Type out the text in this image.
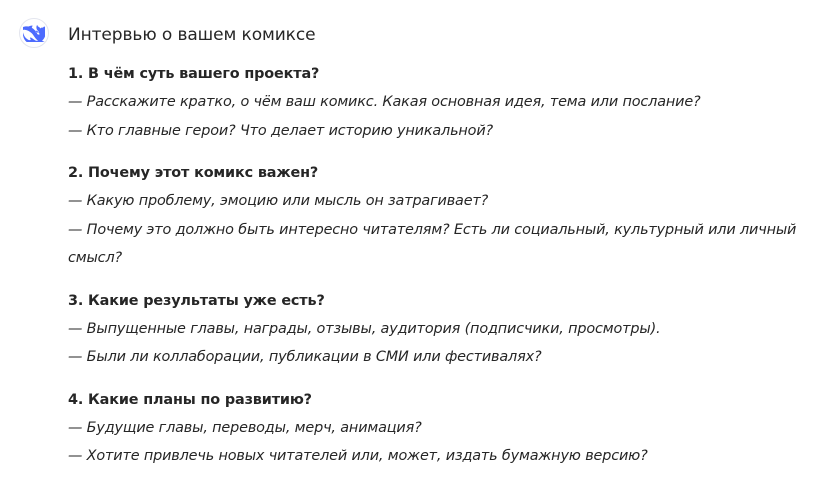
Интервью о вашем комиксе
1. В чём суть вашего проекта?
— Расскажите кратко, о чём ваш комикс. Какая основная идея, тема или послание?
— Кто главные герои? Что делает историю уникальной?
2. Почему этот комикс важен?
— Какую проблему, эмоцию или мысль он затрагивает?
— Почему это должно быть интересно читателям? Есть ли социальный, культурный или личный смысл?
3. Какие результаты уже есть?
— Выпущенные главы, награды, отзывы, аудитория (подписчики, просмотры).
— Были ли коллаборации, публикации в СМИ или фестивалях?
4. Какие планы по развитию?
— Будущие главы, переводы, мерч, анимация?
— Хотите привлечь новых читателей или, может, издать бумажную версию?
